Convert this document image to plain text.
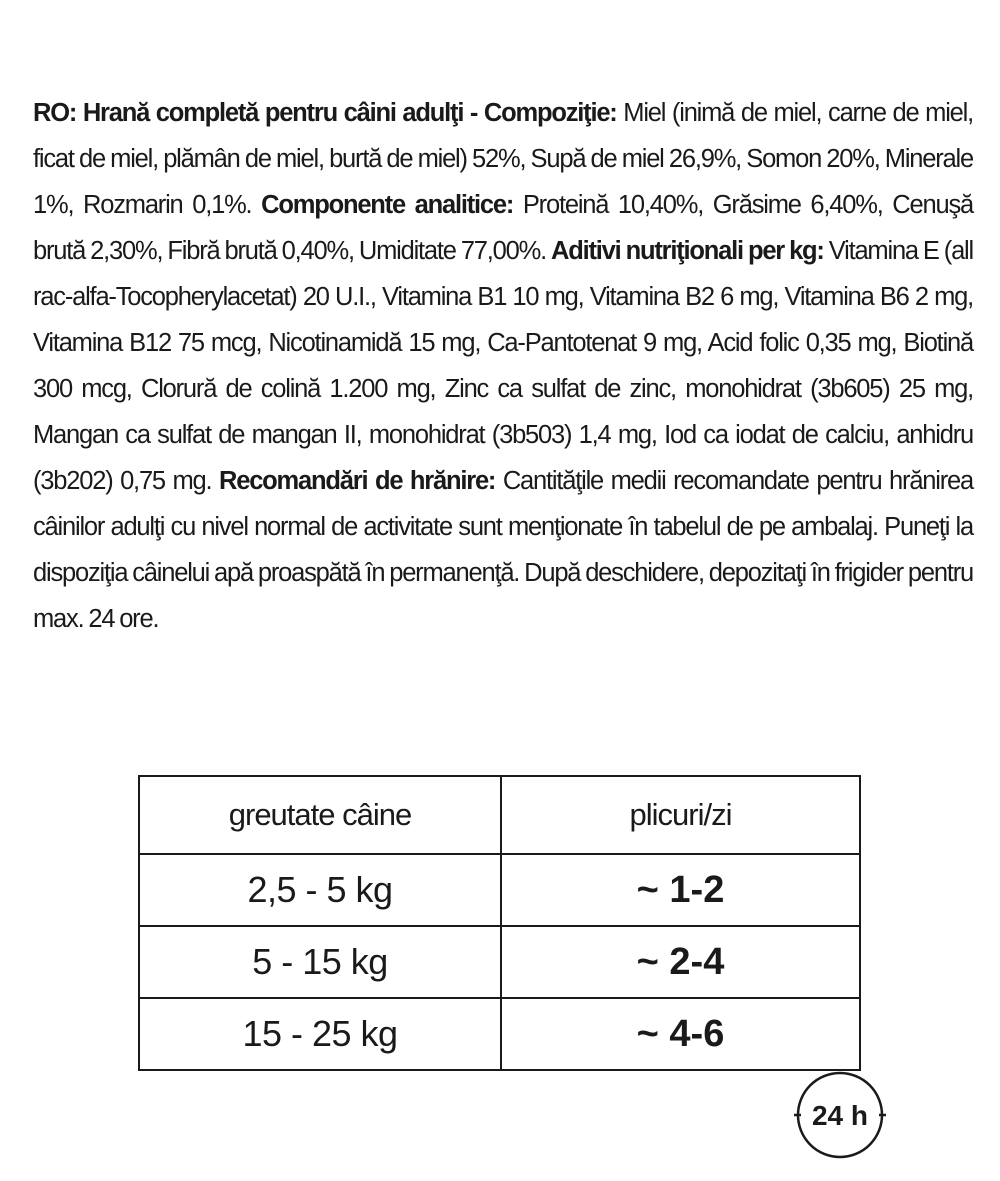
RO: Hrană completă pentru câini adulţi - Compoziţie: Miel (inimă de miel, carne de miel, ficat de miel, plămân de miel, burtă de miel) 52%, Supă de miel 26,9%, Somon 20%, Minerale 1%, Rozmarin 0,1%. Componente analitice: Proteină 10,40%, Grăsime 6,40%, Cenuşă brută 2,30%, Fibră brută 0,40%, Umiditate 77,00%. Aditivi nutriţionali per kg: Vitamina E (all rac-alfa-Tocopherylacetat) 20 U.I., Vitamina B1 10 mg, Vitamina B2 6 mg, Vitamina B6 2 mg, Vitamina B12 75 mcg, Nicotinamidă 15 mg, Ca-Pantotenat 9 mg, Acid folic 0,35 mg, Biotină 300 mcg, Clorură de colină 1.200 mg, Zinc ca sulfat de zinc, monohidrat (3b605) 25 mg, Mangan ca sulfat de mangan II, monohidrat (3b503) 1,4 mg, Iod ca iodat de calciu, anhidru (3b202) 0,75 mg. Recomandări de hrănire: Cantităţile medii recomandate pentru hrănirea câinilor adulţi cu nivel normal de activitate sunt menţionate în tabelul de pe ambalaj. Puneţi la dispoziţia câinelui apă proaspătă în permanenţă. După deschidere, depozitaţi în frigider pentru max. 24 ore.
greutate câine	plicuri/zi
2,5 - 5 kg	~ 1-2
5 - 15 kg	~ 2-4
15 - 25 kg	~ 4-6
24 h
